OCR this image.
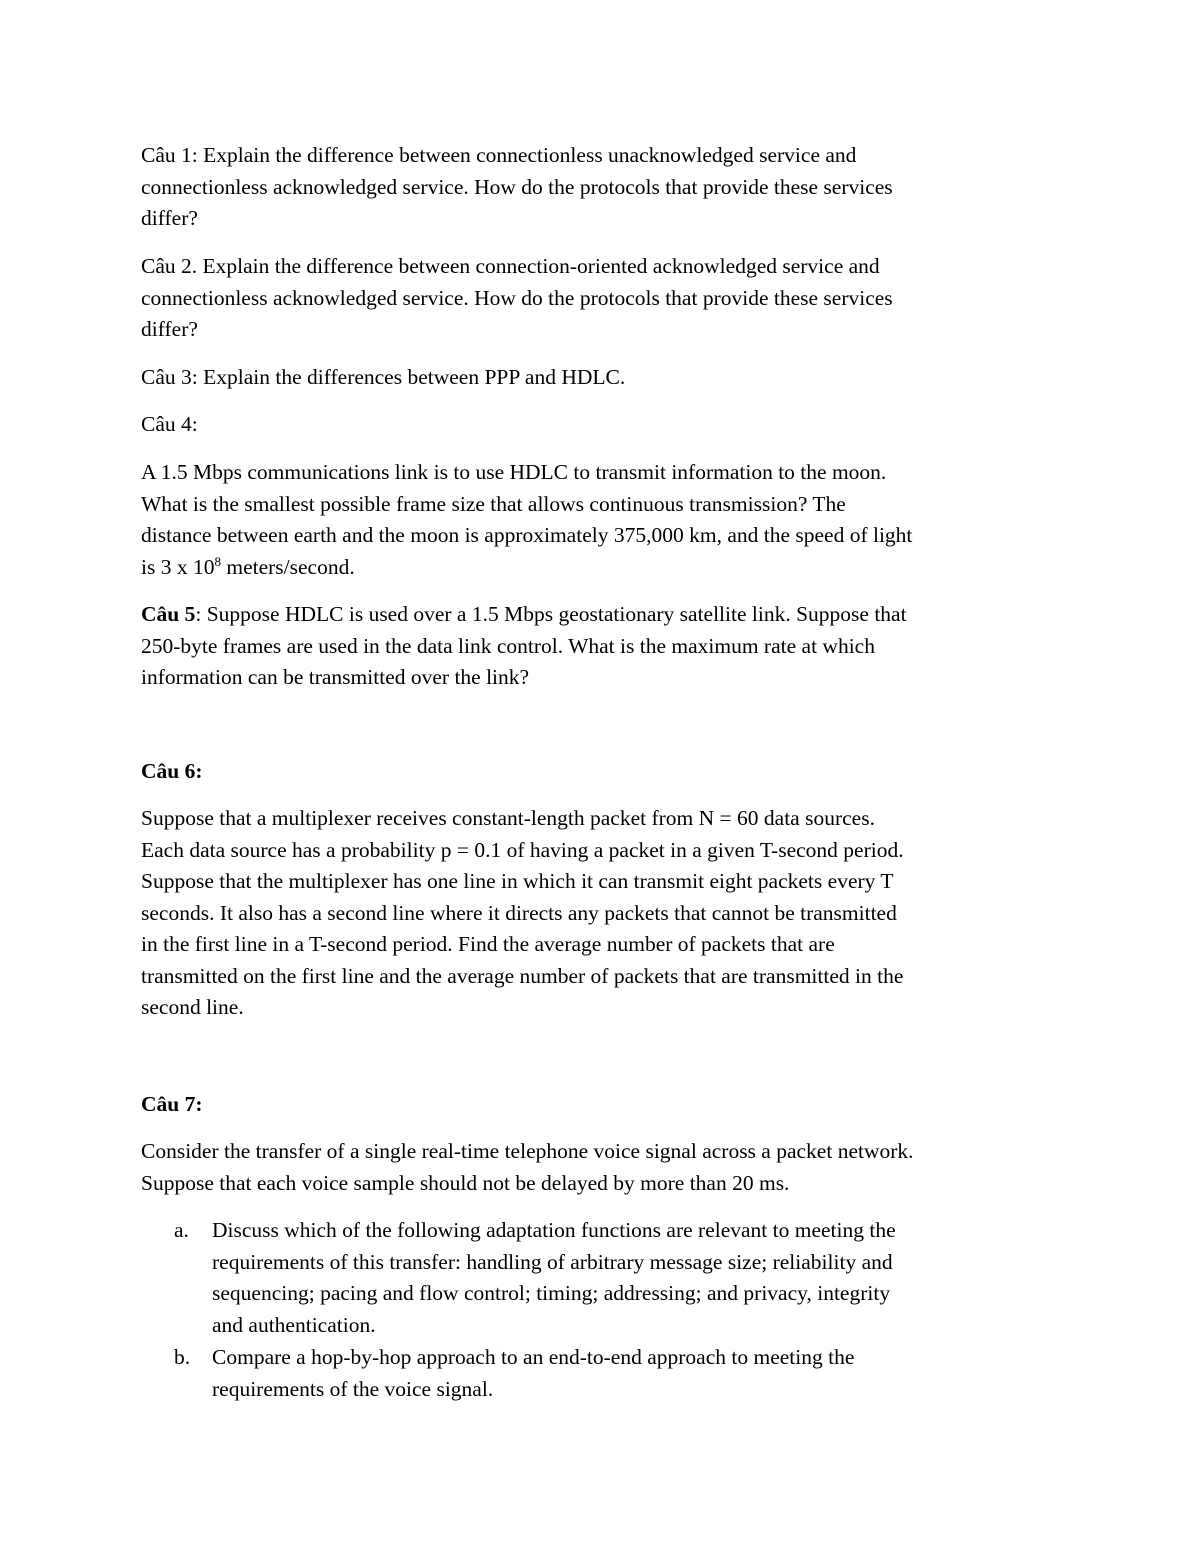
Câu 1: Explain the difference between connectionless unacknowledged service and
connectionless acknowledged service. How do the protocols that provide these services
differ?
Câu 2. Explain the difference between connection-oriented acknowledged service and
connectionless acknowledged service. How do the protocols that provide these services
differ?
Câu 3: Explain the differences between PPP and HDLC.
Câu 4:
A 1.5 Mbps communications link is to use HDLC to transmit information to the moon.
What is the smallest possible frame size that allows continuous transmission? The
distance between earth and the moon is approximately 375,000 km, and the speed of light
is 3 x $10^8$ meters/second.
Câu 5: Suppose HDLC is used over a 1.5 Mbps geostationary satellite link. Suppose that
250-byte frames are used in the data link control. What is the maximum rate at which
information can be transmitted over the link?
Câu 6:
Suppose that a multiplexer receives constant-length packet from N = 60 data sources.
Each data source has a probability p = 0.1 of having a packet in a given T-second period.
Suppose that the multiplexer has one line in which it can transmit eight packets every T
seconds. It also has a second line where it directs any packets that cannot be transmitted
in the first line in a T-second period. Find the average number of packets that are
transmitted on the first line and the average number of packets that are transmitted in the
second line.
Câu 7:
Consider the transfer of a single real-time telephone voice signal across a packet network.
Suppose that each voice sample should not be delayed by more than 20 ms.
a. Discuss which of the following adaptation functions are relevant to meeting the
requirements of this transfer: handling of arbitrary message size; reliability and
sequencing; pacing and flow control; timing; addressing; and privacy, integrity
and authentication.
b. Compare a hop-by-hop approach to an end-to-end approach to meeting the
requirements of the voice signal.
